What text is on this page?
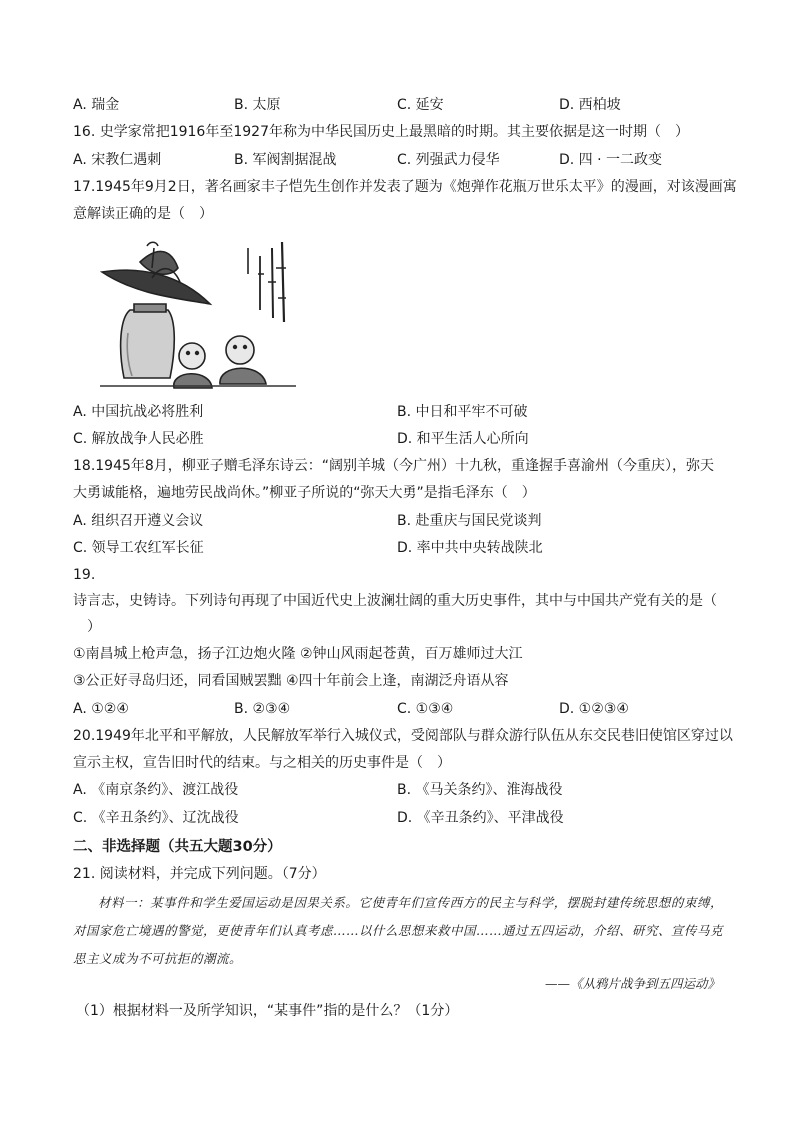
A. 瑞金	B. 太原	C. 延安	D. 西柏坡
16. 史学家常把1916年至1927年称为中华民国历史上最黑暗的时期。其主要依据是这一时期（　）
A. 宋教仁遇刺	B. 军阀割据混战	C. 列强武力侵华	D. 四 · 一二政变
17.1945年9月2日，著名画家丰子恺先生创作并发表了题为《炮弹作花瓶万世乐太平》的漫画，对该漫画寓
意解读正确的是（　）
A. 中国抗战必将胜利	B. 中日和平牢不可破
C. 解放战争人民必胜	D. 和平生活人心所向
18.1945年8月，柳亚子赠毛泽东诗云：“阔别羊城（今广州）十九秋，重逢握手喜渝州（今重庆），弥天
大勇诚能格，遍地劳民战尚休。”柳亚子所说的“弥天大勇”是指毛泽东（　）
A. 组织召开遵义会议	B. 赴重庆与国民党谈判
C. 领导工农红军长征	D. 率中共中央转战陕北
19.
诗言志，史铸诗。下列诗句再现了中国近代史上波澜壮阔的重大历史事件，其中与中国共产党有关的是（
　）
①南昌城上枪声急，扬子江边炮火隆 ②钟山风雨起苍黄，百万雄师过大江
③公正好寻岛归还，同看国贼罢黜 ④四十年前会上逢，南湖泛舟语从容
A. ①②④	B. ②③④	C. ①③④	D. ①②③④
20.1949年北平和平解放，人民解放军举行入城仪式，受阅部队与群众游行队伍从东交民巷旧使馆区穿过以
宣示主权，宣告旧时代的结束。与之相关的历史事件是（　）
A. 《南京条约》、渡江战役	B. 《马关条约》、淮海战役
C. 《辛丑条约》、辽沈战役	D. 《辛丑条约》、平津战役
二、非选择题（共五大题30分）
21. 阅读材料，并完成下列问题。（7分）
材料一：某事件和学生爱国运动是因果关系。它使青年们宣传西方的民主与科学，摆脱封建传统思想的束缚，对国家危亡境遇的警觉，更使青年们认真考虑……以什么思想来救中国……通过五四运动，介绍、研究、宣传马克思主义成为不可抗拒的潮流。
——《从鸦片战争到五四运动》
（1）根据材料一及所学知识，“某事件”指的是什么？（1分）
